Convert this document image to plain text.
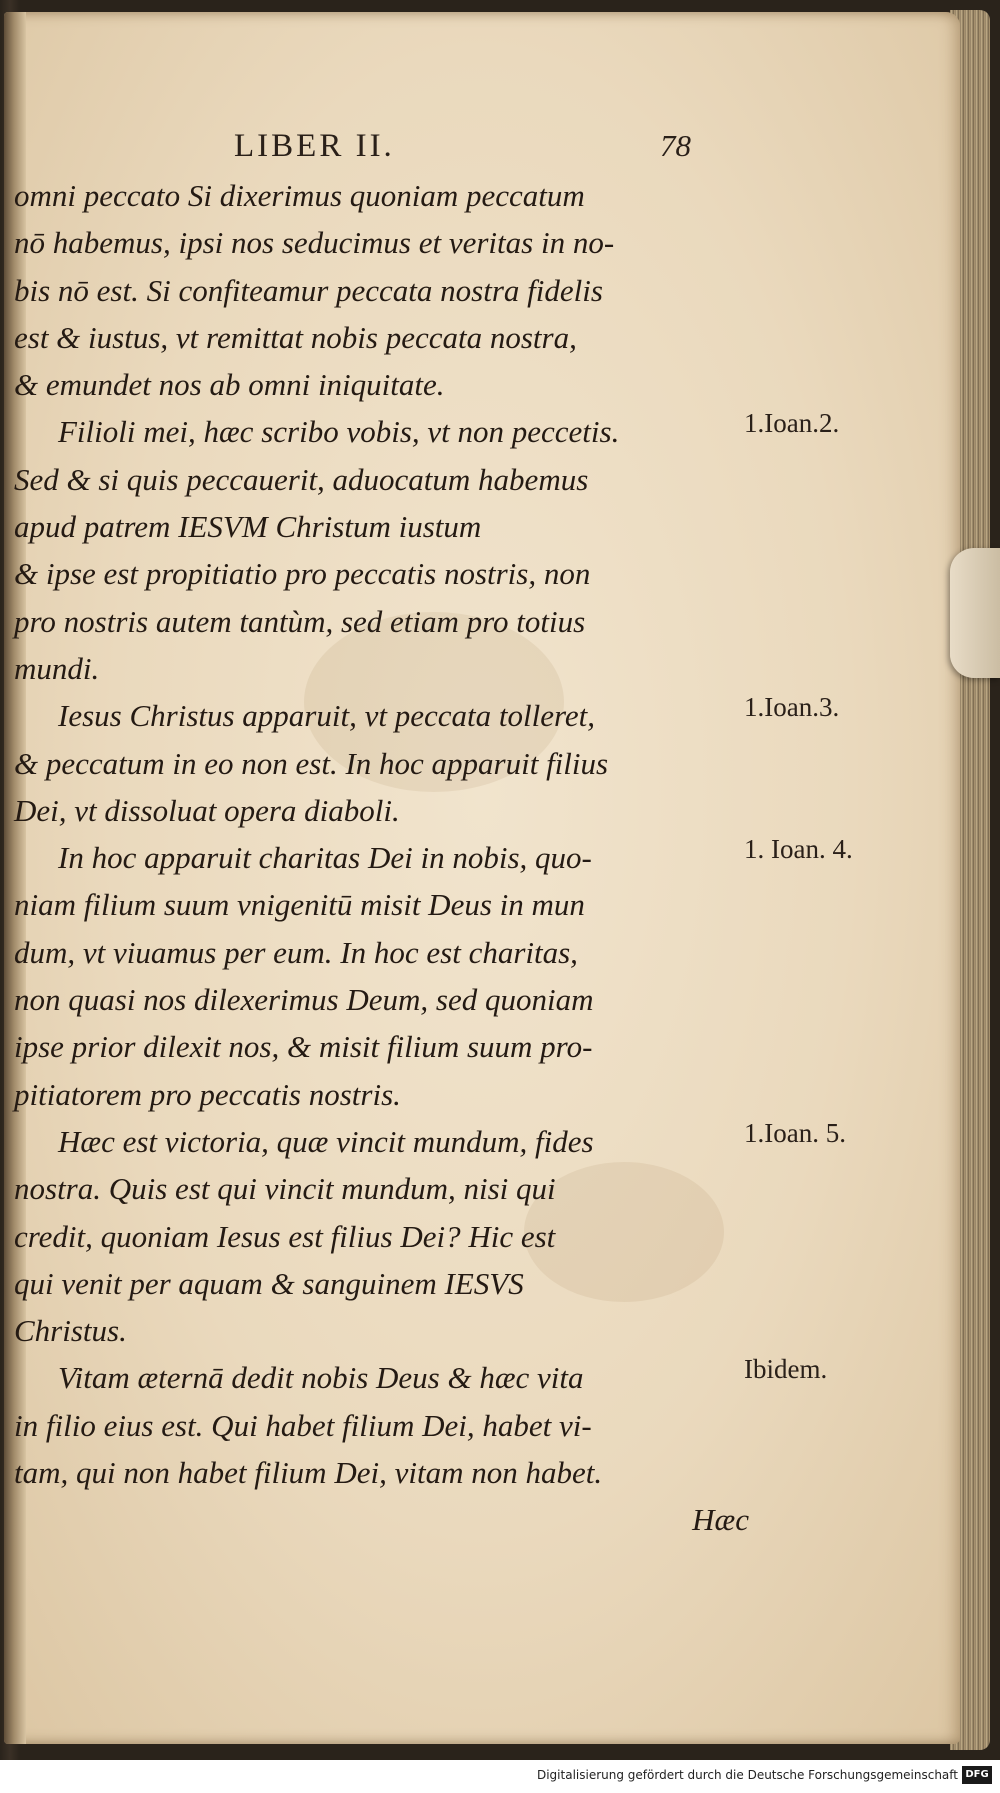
LIBER II.	78
omni peccato Si dixerimus quoniam peccatum
nō habemus, ipsi nos seducimus et veritas in no-
bis nō est. Si confiteamur peccata nostra fidelis
est & iustus, vt remittat nobis peccata nostra,
& emundet nos ab omni iniquitate.
Filioli mei, hæc scribo vobis, vt non peccetis.
Sed & si quis peccauerit, aduocatum habemus
apud patrem IESVM Christum iustum
& ipse est propitiatio pro peccatis nostris, non
pro nostris autem tantùm, sed etiam pro totius
mundi.
Iesus Christus apparuit, vt peccata tolleret,
& peccatum in eo non est. In hoc apparuit filius
Dei, vt dissoluat opera diaboli.
In hoc apparuit charitas Dei in nobis, quo-
niam filium suum vnigenitū misit Deus in mun
dum, vt viuamus per eum. In hoc est charitas,
non quasi nos dilexerimus Deum, sed quoniam
ipse prior dilexit nos, & misit filium suum pro-
pitiatorem pro peccatis nostris.
Hæc est victoria, quæ vincit mundum, fides
nostra. Quis est qui vincit mundum, nisi qui
credit, quoniam Iesus est filius Dei? Hic est
qui venit per aquam & sanguinem IESVS
Christus.
Vitam æternā dedit nobis Deus & hæc vita
in filio eius est. Qui habet filium Dei, habet vi-
tam, qui non habet filium Dei, vitam non habet.
Hæc
1.Ioan.2.
1.Ioan.3.
1. Ioan. 4.
1.Ioan. 5.
Ibidem.
Digitalisierung gefördert durch die Deutsche Forschungsgemeinschaft DFG
